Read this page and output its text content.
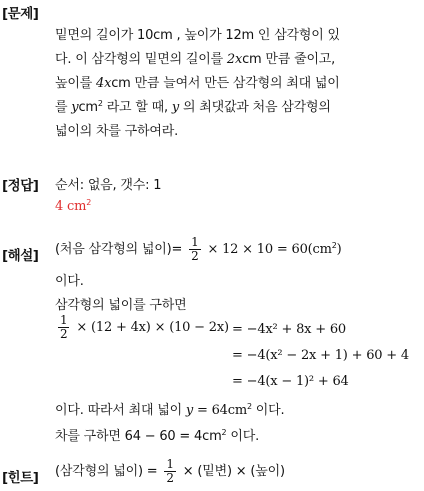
[문제]
밑면의 길이가 10cm , 높이가 12m 인 삼각형이 있
다. 이 삼각형의 밑면의 길이를 2xcm 만큼 줄이고,
높이를 4xcm 만큼 늘여서 만든 삼각형의 최대 넓이
를 ycm$^2$ 라고 할 때, y 의 최댓값과 처음 삼각형의
넓이의 차를 구하여라.
[정답] 순서: 없음, 갯수: 1
4 $cm^2$
[해설] (처음 삼각형의 넓이)= $\frac{1}{2} \times 12 \times 10 = 60(cm^2)$
이다.
삼각형의 넓이를 구하면
$\frac{1}{2} \times (12 + 4x) \times (10 - 2x) = -4x^2 + 8x + 60$
= −4(x² − 2x + 1) + 60 + 4
= −4(x − 1)² + 64
이다. 따라서 최대 넓이 $y = 64cm^2$ 이다.
차를 구하면 $64 - 60 = 4cm^2$ 이다.
[힌트] (삼각형의 넓이) = $\frac{1}{2}$ × (밑변) × (높이)
